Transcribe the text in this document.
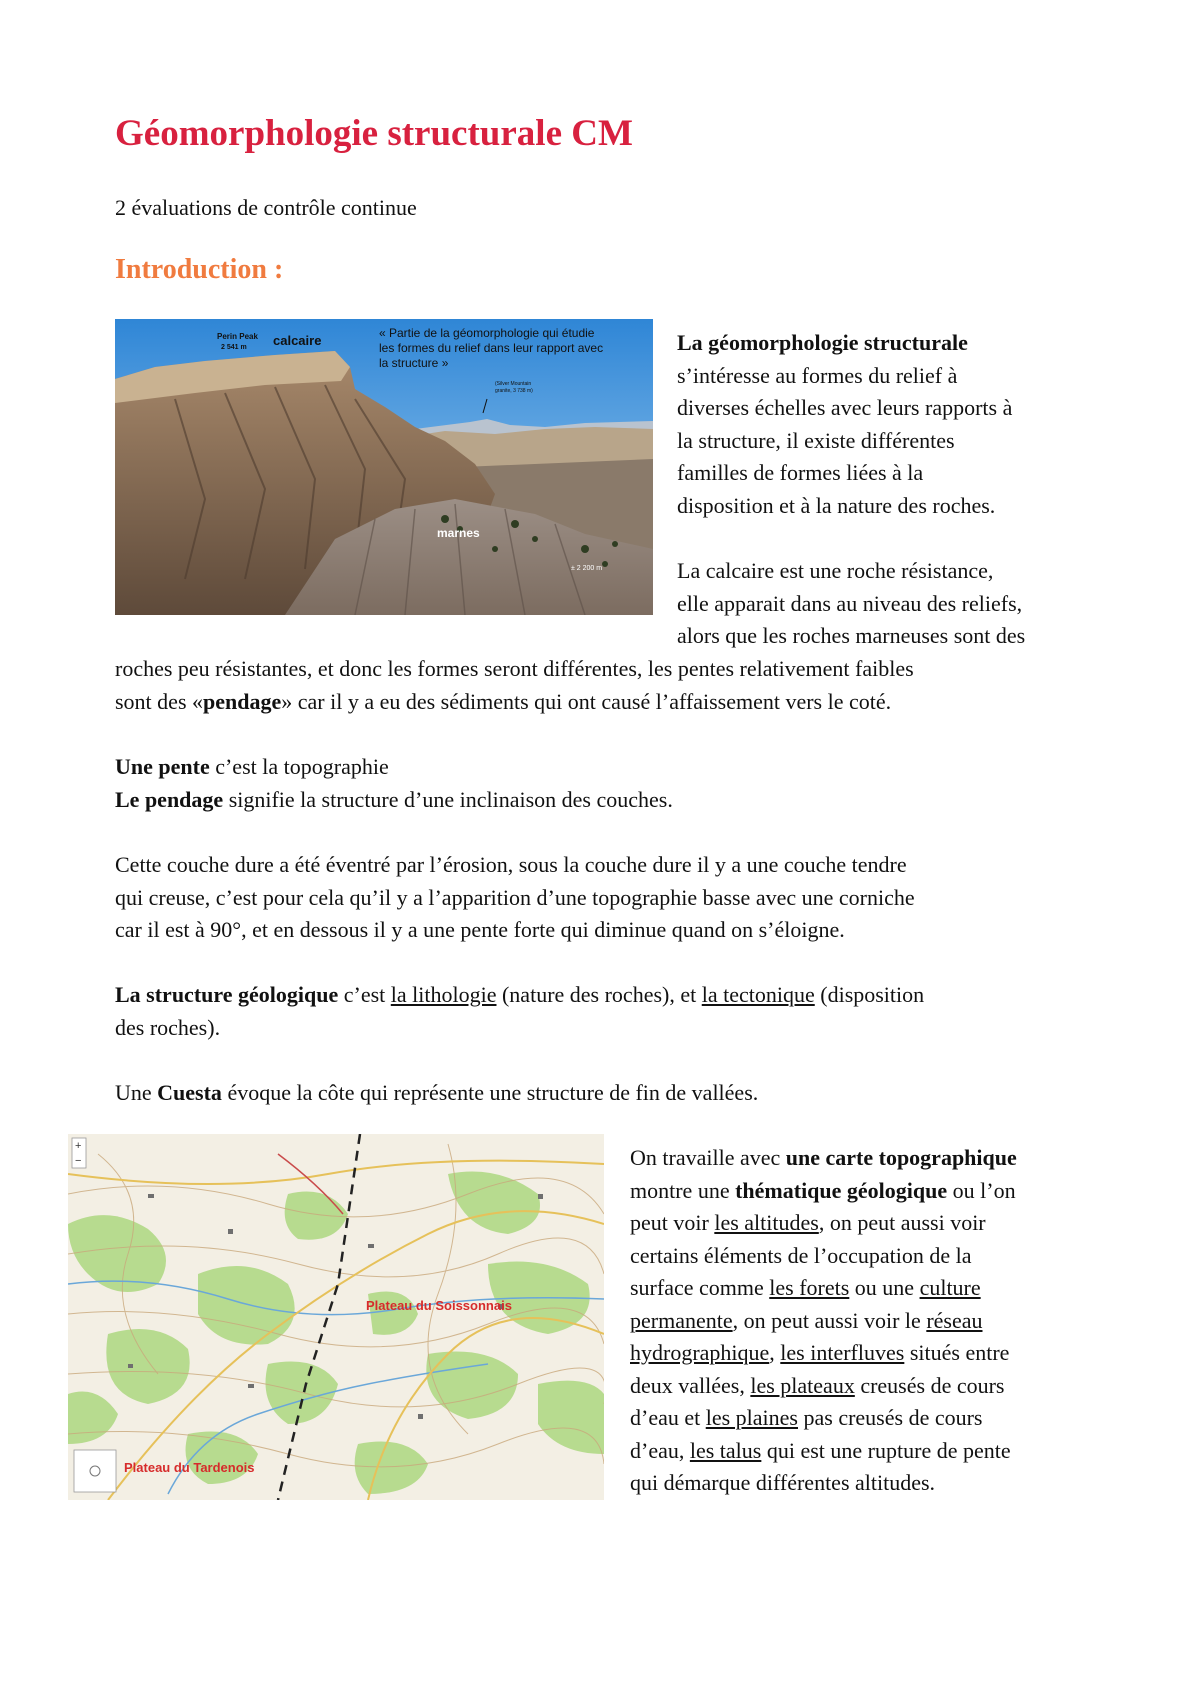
Géomorphologie structurale CM

2 évaluations de contrôle continue

Introduction :
Perin Peak
2 541 m calcaire	« Partie de la géomorphologie qui étudie
les formes du relief dans leur rapport avec
la structure »
(Silver Mountain
granite, 3 738 m)
marnes
± 2 200 m

La géomorphologie structurale

s’intéresse au formes du relief à

diverses échelles avec leurs rapports à

la structure, il existe différentes

familles de formes liées à la

disposition et à la nature des roches.

La calcaire est une roche résistance,

elle apparait dans au niveau des reliefs,

alors que les roches marneuses sont des

roches peu résistantes, et donc les formes seront différentes, les pentes relativement faibles

sont des «pendage» car il y a eu des sédiments qui ont causé l’affaissement vers le coté.

Une pente c’est la topographie

Le pendage signifie la structure d’une inclinaison des couches.

Cette couche dure a été éventré par l’érosion, sous la couche dure il y a une couche tendre

qui creuse, c’est pour cela qu’il y a l’apparition d’une topographie basse avec une corniche

car il est à 90°, et en dessous il y a une pente forte qui diminue quand on s’éloigne.

La structure géologique c’est la lithologie (nature des roches), et la tectonique (disposition

des roches).

Une Cuesta évoque la côte qui représente une structure de fin de vallées.

+
−
Plateau du Soissonnais
Plateau du Tardenois

On travaille avec une carte topographique

montre une thématique géologique ou l’on

peut voir les altitudes, on peut aussi voir

certains éléments de l’occupation de la

surface comme les forets ou une culture

permanente, on peut aussi voir le réseau

hydrographique, les interfluves situés entre

deux vallées, les plateaux creusés de cours

d’eau et les plaines pas creusés de cours

d’eau, les talus qui est une rupture de pente

qui démarque différentes altitudes.
